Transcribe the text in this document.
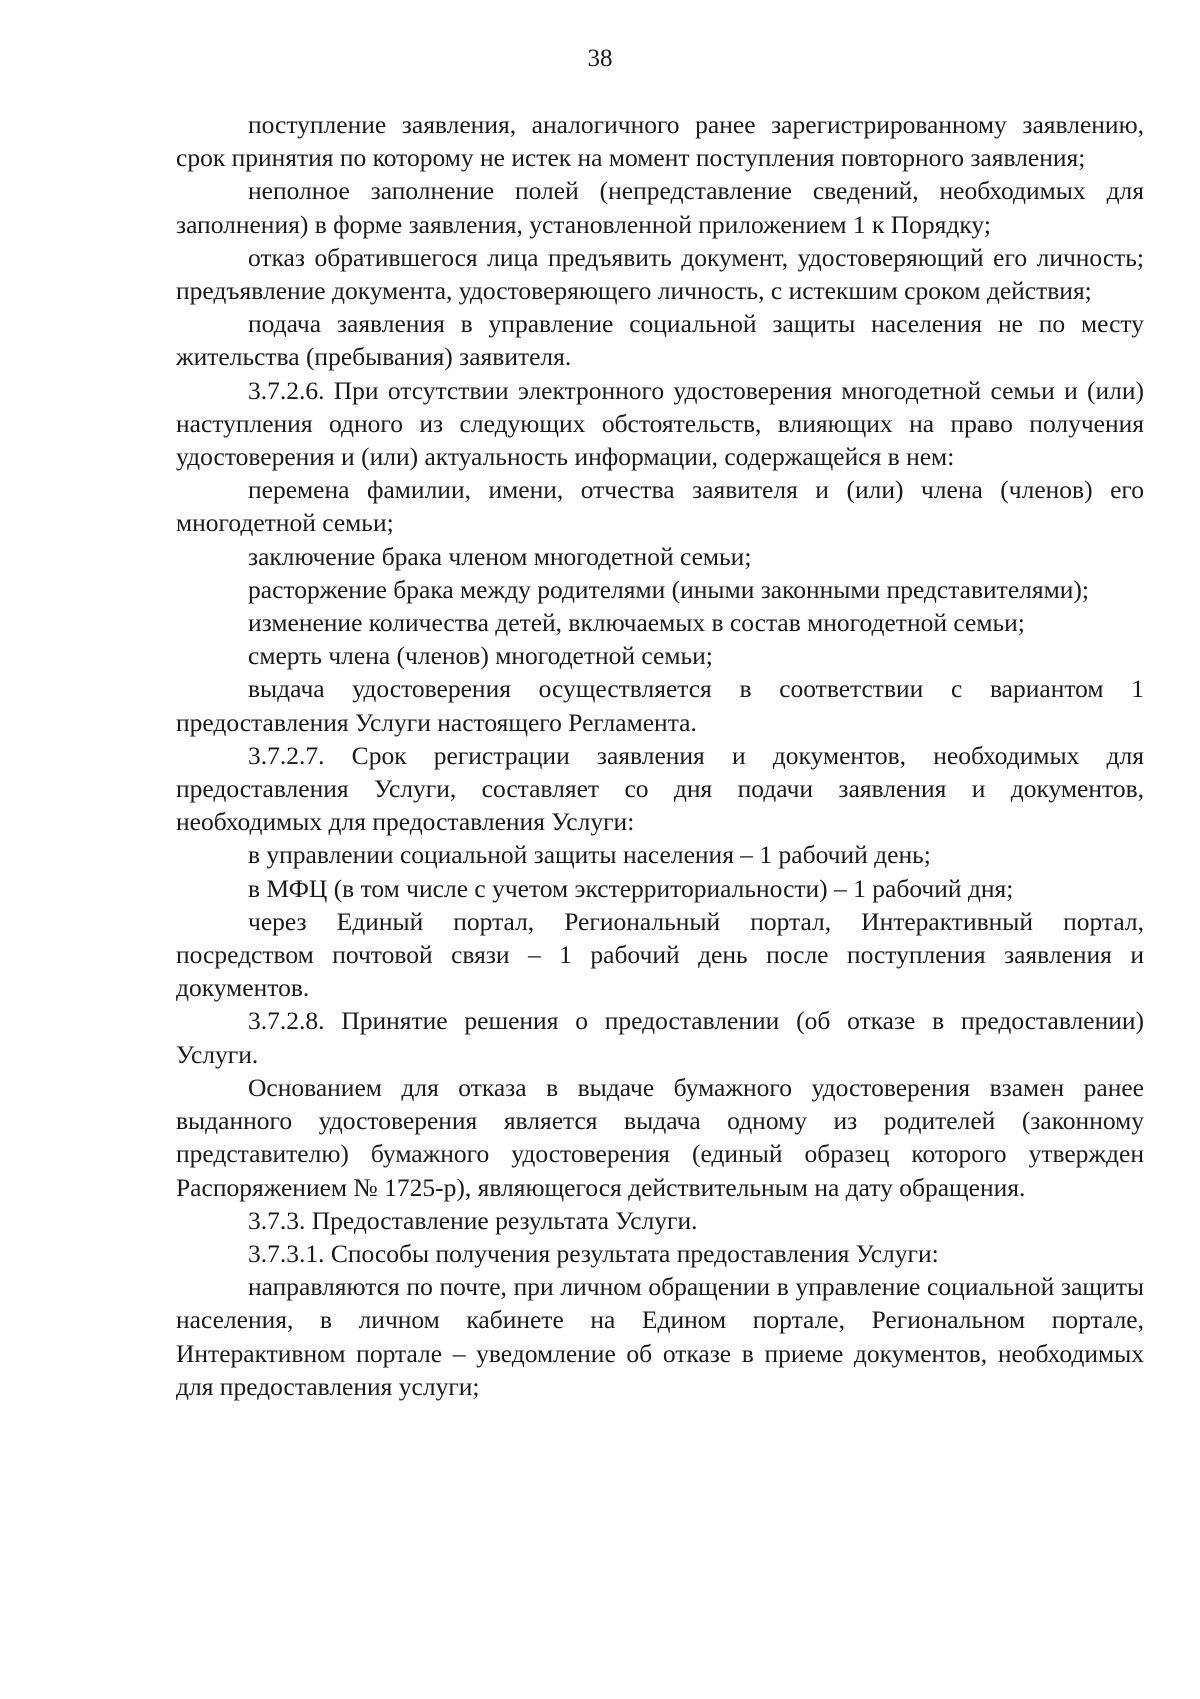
38

поступление заявления, аналогичного ранее зарегистрированному заявлению, срок принятия по которому не истек на момент поступления повторного заявления;

неполное заполнение полей (непредставление сведений, необходимых для заполнения) в форме заявления, установленной приложением 1 к Порядку;

отказ обратившегося лица предъявить документ, удостоверяющий его личность; предъявление документа, удостоверяющего личность, с истекшим сроком действия;

подача заявления в управление социальной защиты населения не по месту жительства (пребывания) заявителя.

3.7.2.6. При отсутствии электронного удостоверения многодетной семьи и (или) наступления одного из следующих обстоятельств, влияющих на право получения удостоверения и (или) актуальность информации, содержащейся в нем:

перемена фамилии, имени, отчества заявителя и (или) члена (членов) его многодетной семьи;

заключение брака членом многодетной семьи;

расторжение брака между родителями (иными законными представителями);

изменение количества детей, включаемых в состав многодетной семьи;

смерть члена (членов) многодетной семьи;

выдача удостоверения осуществляется в соответствии с вариантом 1 предоставления Услуги настоящего Регламента.

3.7.2.7. Срок регистрации заявления и документов, необходимых для предоставления Услуги, составляет со дня подачи заявления и документов, необходимых для предоставления Услуги:

в управлении социальной защиты населения – 1 рабочий день;

в МФЦ (в том числе с учетом экстерриториальности) – 1 рабочий дня;

через Единый портал, Региональный портал, Интерактивный портал, посредством почтовой связи – 1 рабочий день после поступления заявления и документов.

3.7.2.8. Принятие решения о предоставлении (об отказе в предоставлении) Услуги.

Основанием для отказа в выдаче бумажного удостоверения взамен ранее выданного удостоверения является выдача одному из родителей (законному представителю) бумажного удостоверения (единый образец которого утвержден Распоряжением № 1725-р), являющегося действительным на дату обращения.

3.7.3. Предоставление результата Услуги.

3.7.3.1. Способы получения результата предоставления Услуги:

направляются по почте, при личном обращении в управление социальной защиты населения, в личном кабинете на Едином портале, Региональном портале, Интерактивном портале – уведомление об отказе в приеме документов, необходимых для предоставления услуги;
